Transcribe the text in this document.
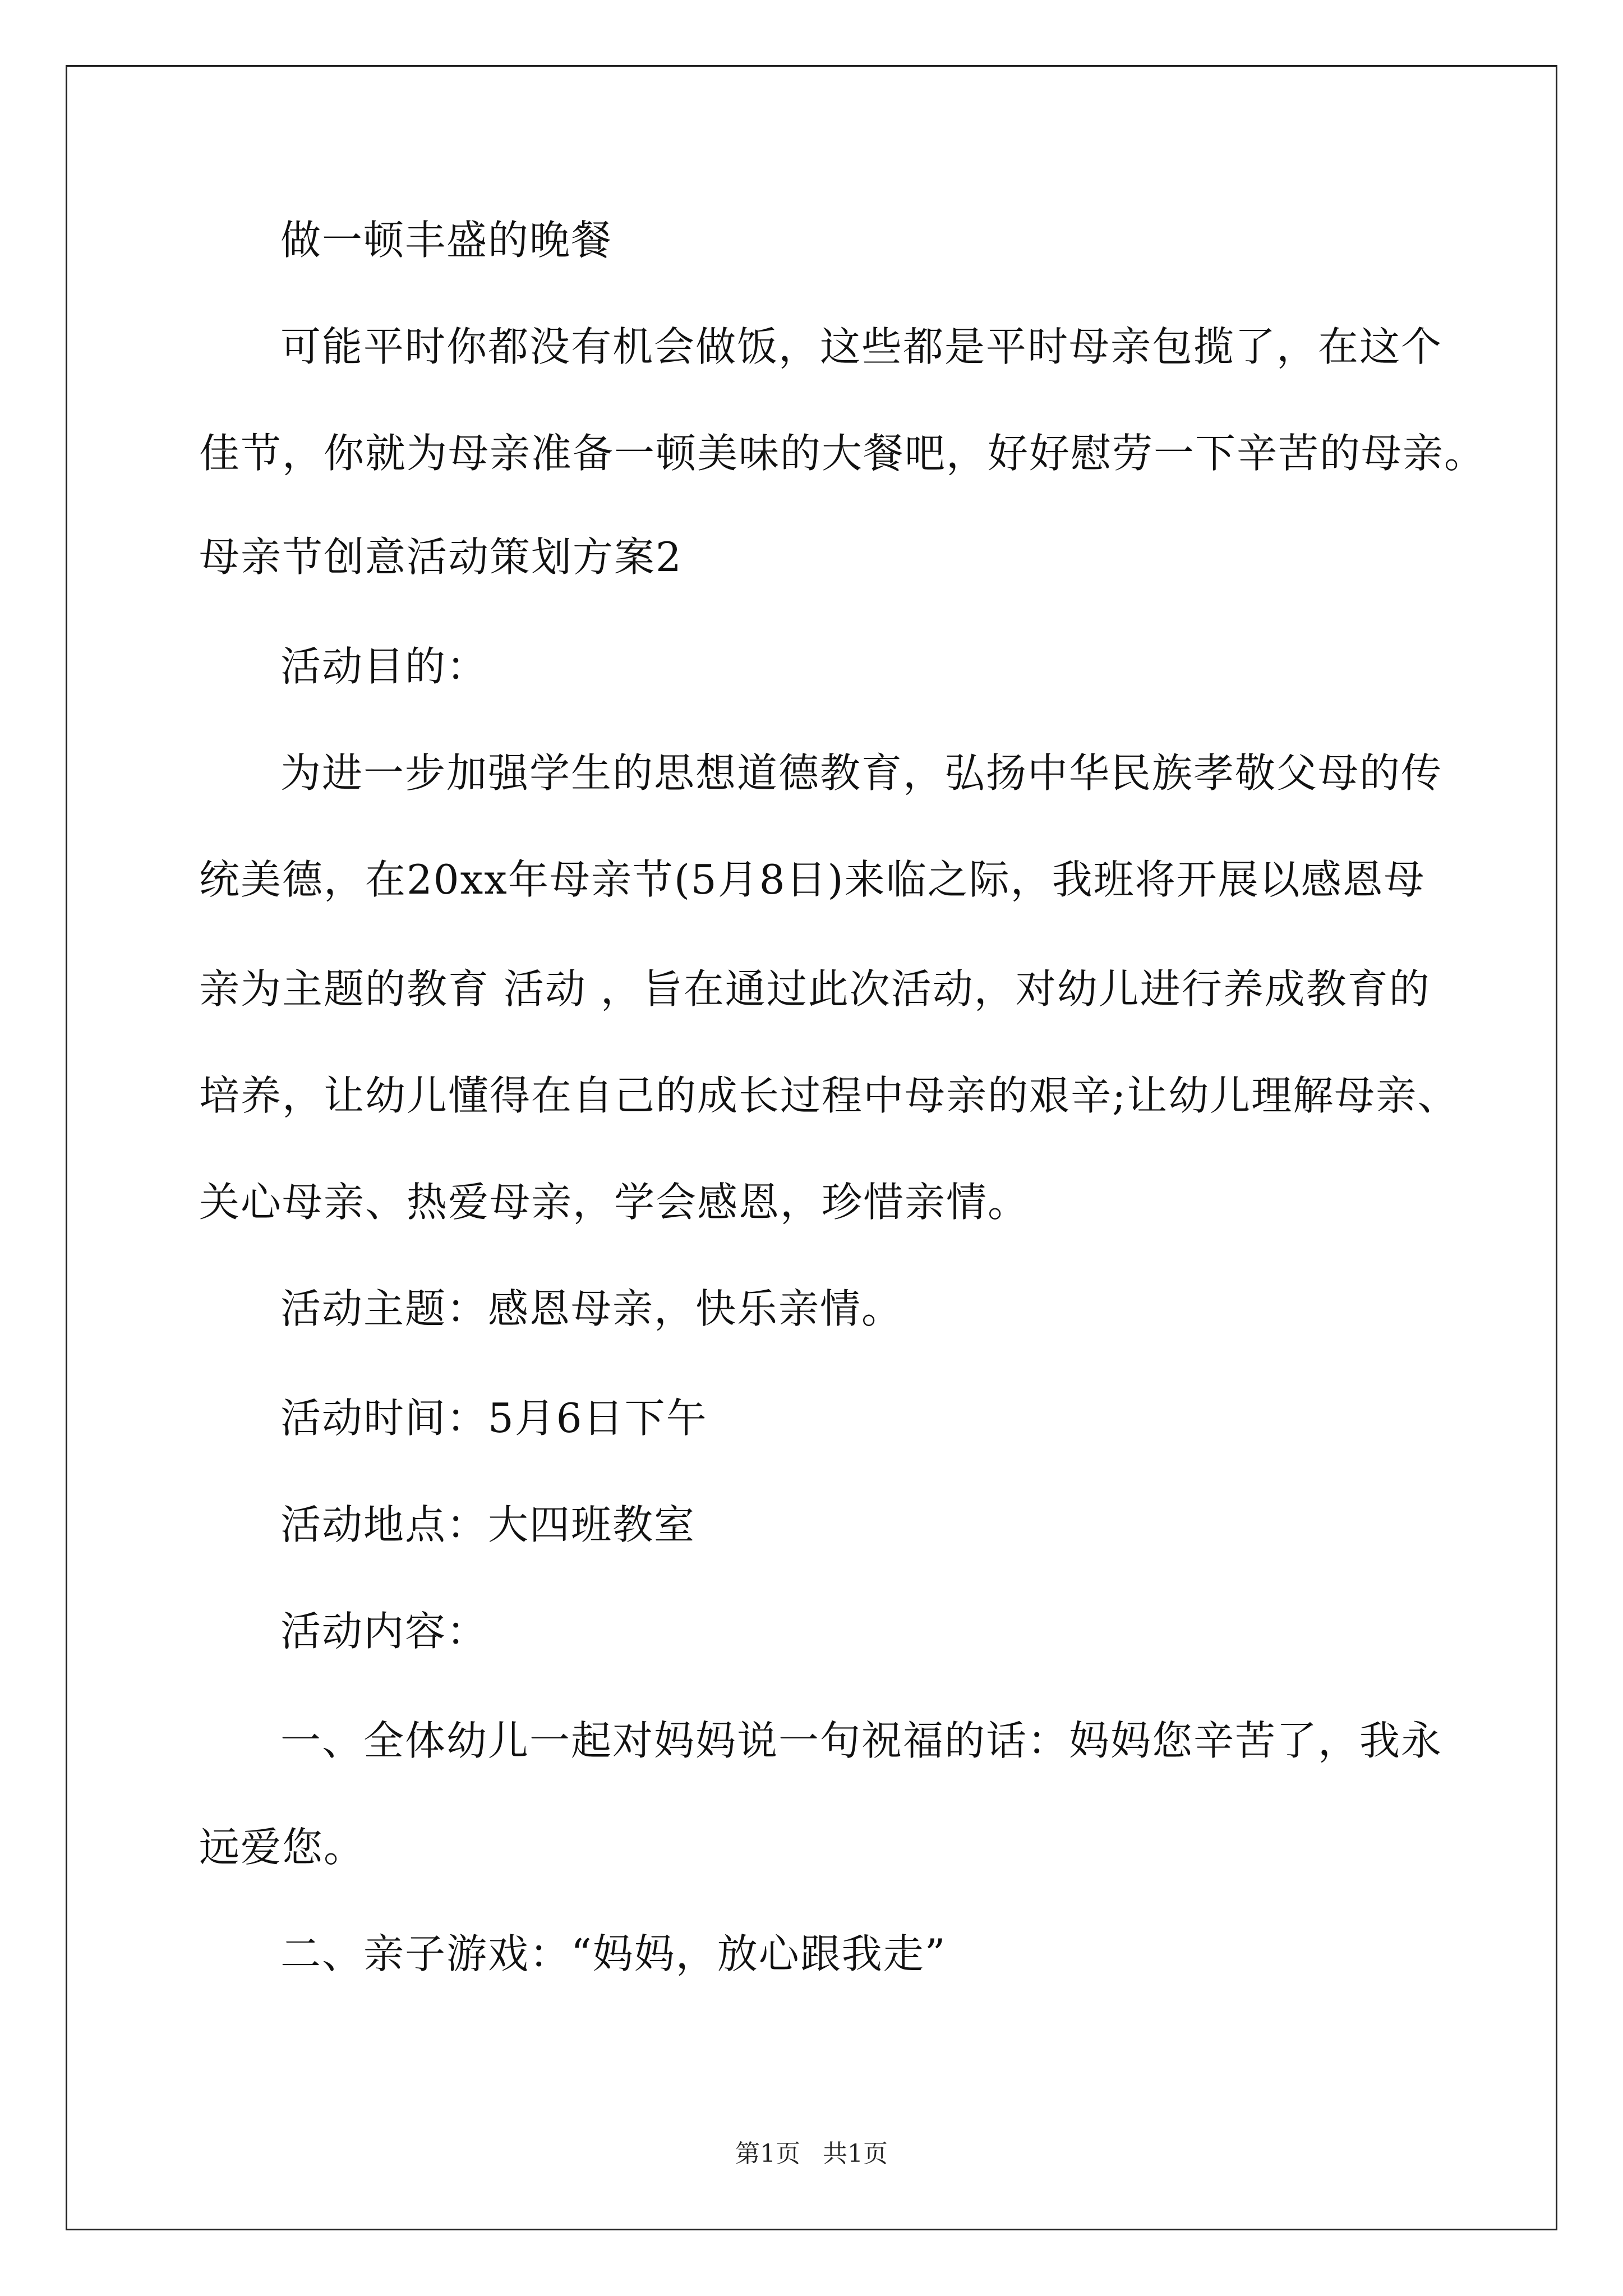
做一顿丰盛的晚餐
可能平时你都没有机会做饭，这些都是平时母亲包揽了，在这个
佳节，你就为母亲准备一顿美味的大餐吧，好好慰劳一下辛苦的母亲。
母亲节创意活动策划方案2
活动目的：
为进一步加强学生的思想道德教育，弘扬中华民族孝敬父母的传
统美德，在20xx年母亲节(5月8日)来临之际，我班将开展以感恩母
亲为主题的教育 活动 ，旨在通过此次活动，对幼儿进行养成教育的
培养，让幼儿懂得在自己的成长过程中母亲的艰辛;让幼儿理解母亲、
关心母亲、热爱母亲，学会感恩，珍惜亲情。
活动主题：感恩母亲，快乐亲情。
活动时间：5月6日下午
活动地点：大四班教室
活动内容：
一、全体幼儿一起对妈妈说一句祝福的话：妈妈您辛苦了，我永
远爱您。
二、亲子游戏：“妈妈，放心跟我走”
第1页 共1页
